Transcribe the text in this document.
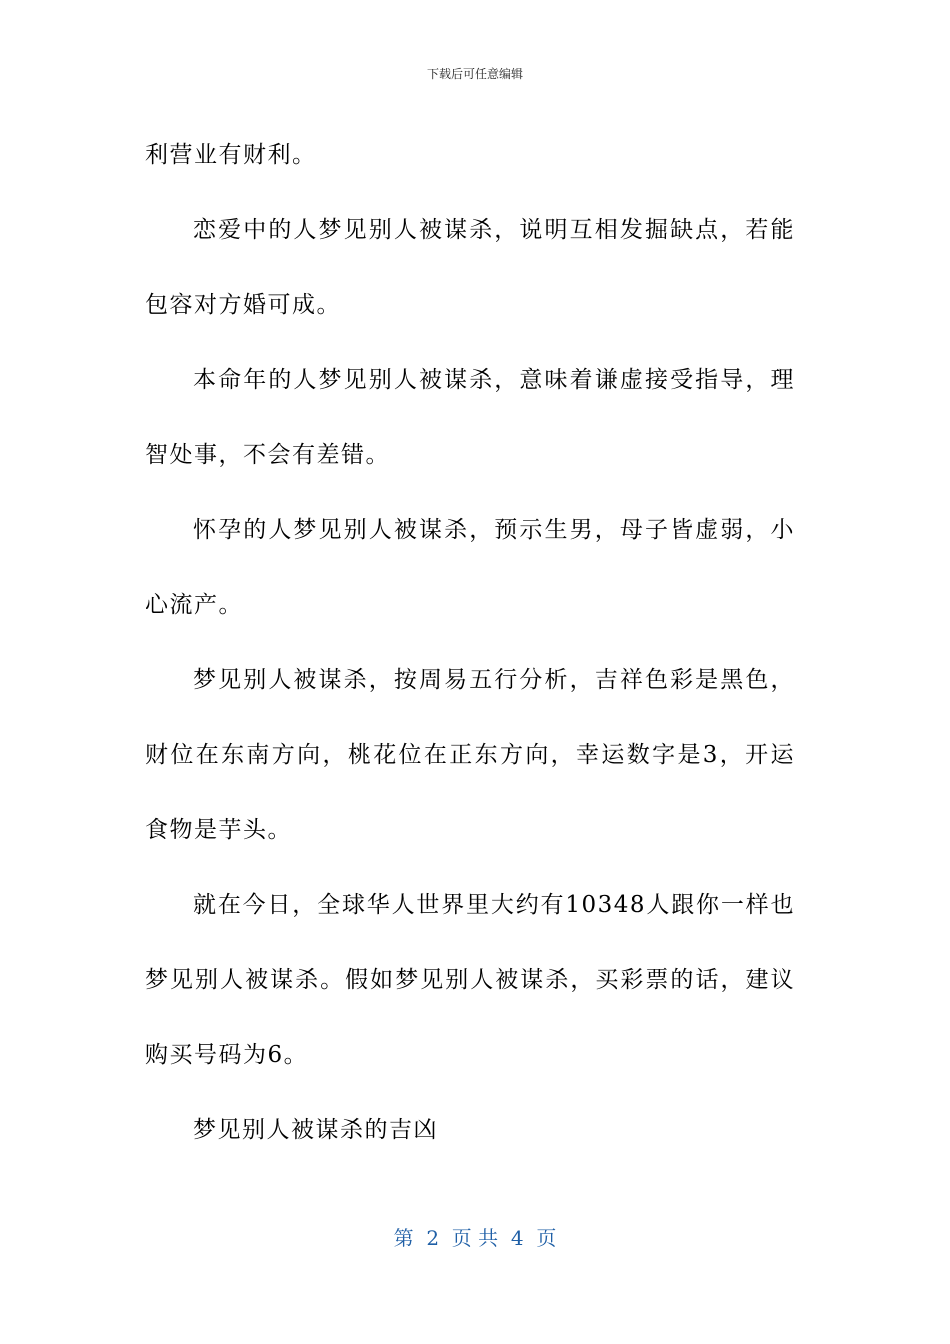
下载后可任意编辑

利营业有财利。

恋爱中的人梦见别人被谋杀，说明互相发掘缺点，若能包容对方婚可成。

本命年的人梦见别人被谋杀，意味着谦虚接受指导，理智处事，不会有差错。

怀孕的人梦见别人被谋杀，预示生男，母子皆虚弱，小心流产。

梦见别人被谋杀，按周易五行分析，吉祥色彩是黑色，财位在东南方向，桃花位在正东方向，幸运数字是3，开运食物是芋头。

就在今日，全球华人世界里大约有10348人跟你一样也梦见别人被谋杀。假如梦见别人被谋杀，买彩票的话，建议购买号码为6。

梦见别人被谋杀的吉凶

第  2  页 共  4  页
